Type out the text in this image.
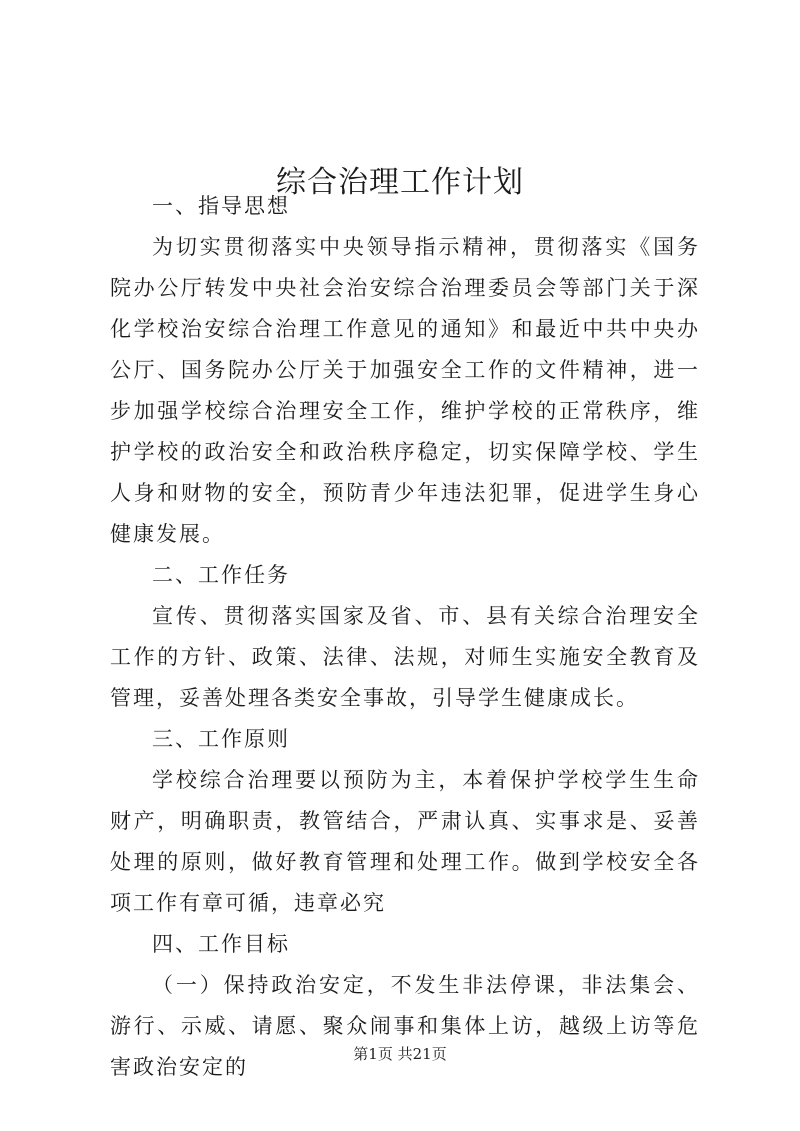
综合治理工作计划

一、指导思想

为切实贯彻落实中央领导指示精神，贯彻落实《国务院办公厅转发中央社会治安综合治理委员会等部门关于深化学校治安综合治理工作意见的通知》和最近中共中央办公厅、国务院办公厅关于加强安全工作的文件精神，进一步加强学校综合治理安全工作，维护学校的正常秩序，维护学校的政治安全和政治秩序稳定，切实保障学校、学生人身和财物的安全，预防青少年违法犯罪，促进学生身心健康发展。

二、工作任务

宣传、贯彻落实国家及省、市、县有关综合治理安全工作的方针、政策、法律、法规，对师生实施安全教育及管理，妥善处理各类安全事故，引导学生健康成长。

三、工作原则

学校综合治理要以预防为主，本着保护学校学生生命财产，明确职责，教管结合，严肃认真、实事求是、妥善处理的原则，做好教育管理和处理工作。做到学校安全各项工作有章可循，违章必究

四、工作目标

（一）保持政治安定，不发生非法停课，非法集会、游行、示威、请愿、聚众闹事和集体上访，越级上访等危害政治安定的

第1页 共21页
